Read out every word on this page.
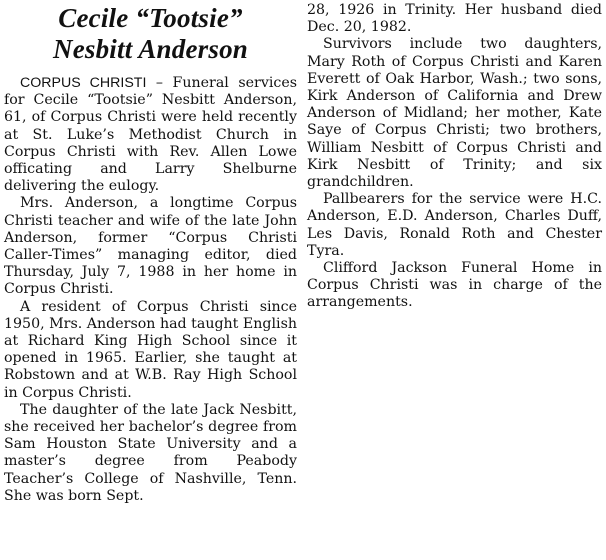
Cecile “Tootsie”
Nesbitt Anderson

CORPUS CHRISTI – Funeral services for Cecile “Tootsie” Nesbitt Anderson, 61, of Corpus Christi were held recently at St. Luke’s Methodist Church in Corpus Christi with Rev. Allen Lowe officating and Larry Shelburne delivering the eulogy.

Mrs. Anderson, a longtime Corpus Christi teacher and wife of the late John Anderson, former “Corpus Christi Caller-Times” managing editor, died Thursday, July 7, 1988 in her home in Corpus Christi.

A resident of Corpus Christi since 1950, Mrs. Anderson had taught English at Richard King High School since it opened in 1965. Earlier, she taught at Robstown and at W.B. Ray High School in Corpus Christi.

The daughter of the late Jack Nesbitt, she received her bachelor’s degree from Sam Houston State University and a master’s degree from Peabody Teacher’s College of Nashville, Tenn. She was born Sept.

28, 1926 in Trinity. Her husband died Dec. 20, 1982.

Survivors include two daughters, Mary Roth of Corpus Christi and Karen Everett of Oak Harbor, Wash.; two sons, Kirk Anderson of California and Drew Anderson of Midland; her mother, Kate Saye of Corpus Christi; two brothers, William Nesbitt of Corpus Christi and Kirk Nesbitt of Trinity; and six grandchildren.

Pallbearers for the service were H.C. Anderson, E.D. Anderson, Charles Duff, Les Davis, Ronald Roth and Chester Tyra.

Clifford Jackson Funeral Home in Corpus Christi was in charge of the arrangements.
